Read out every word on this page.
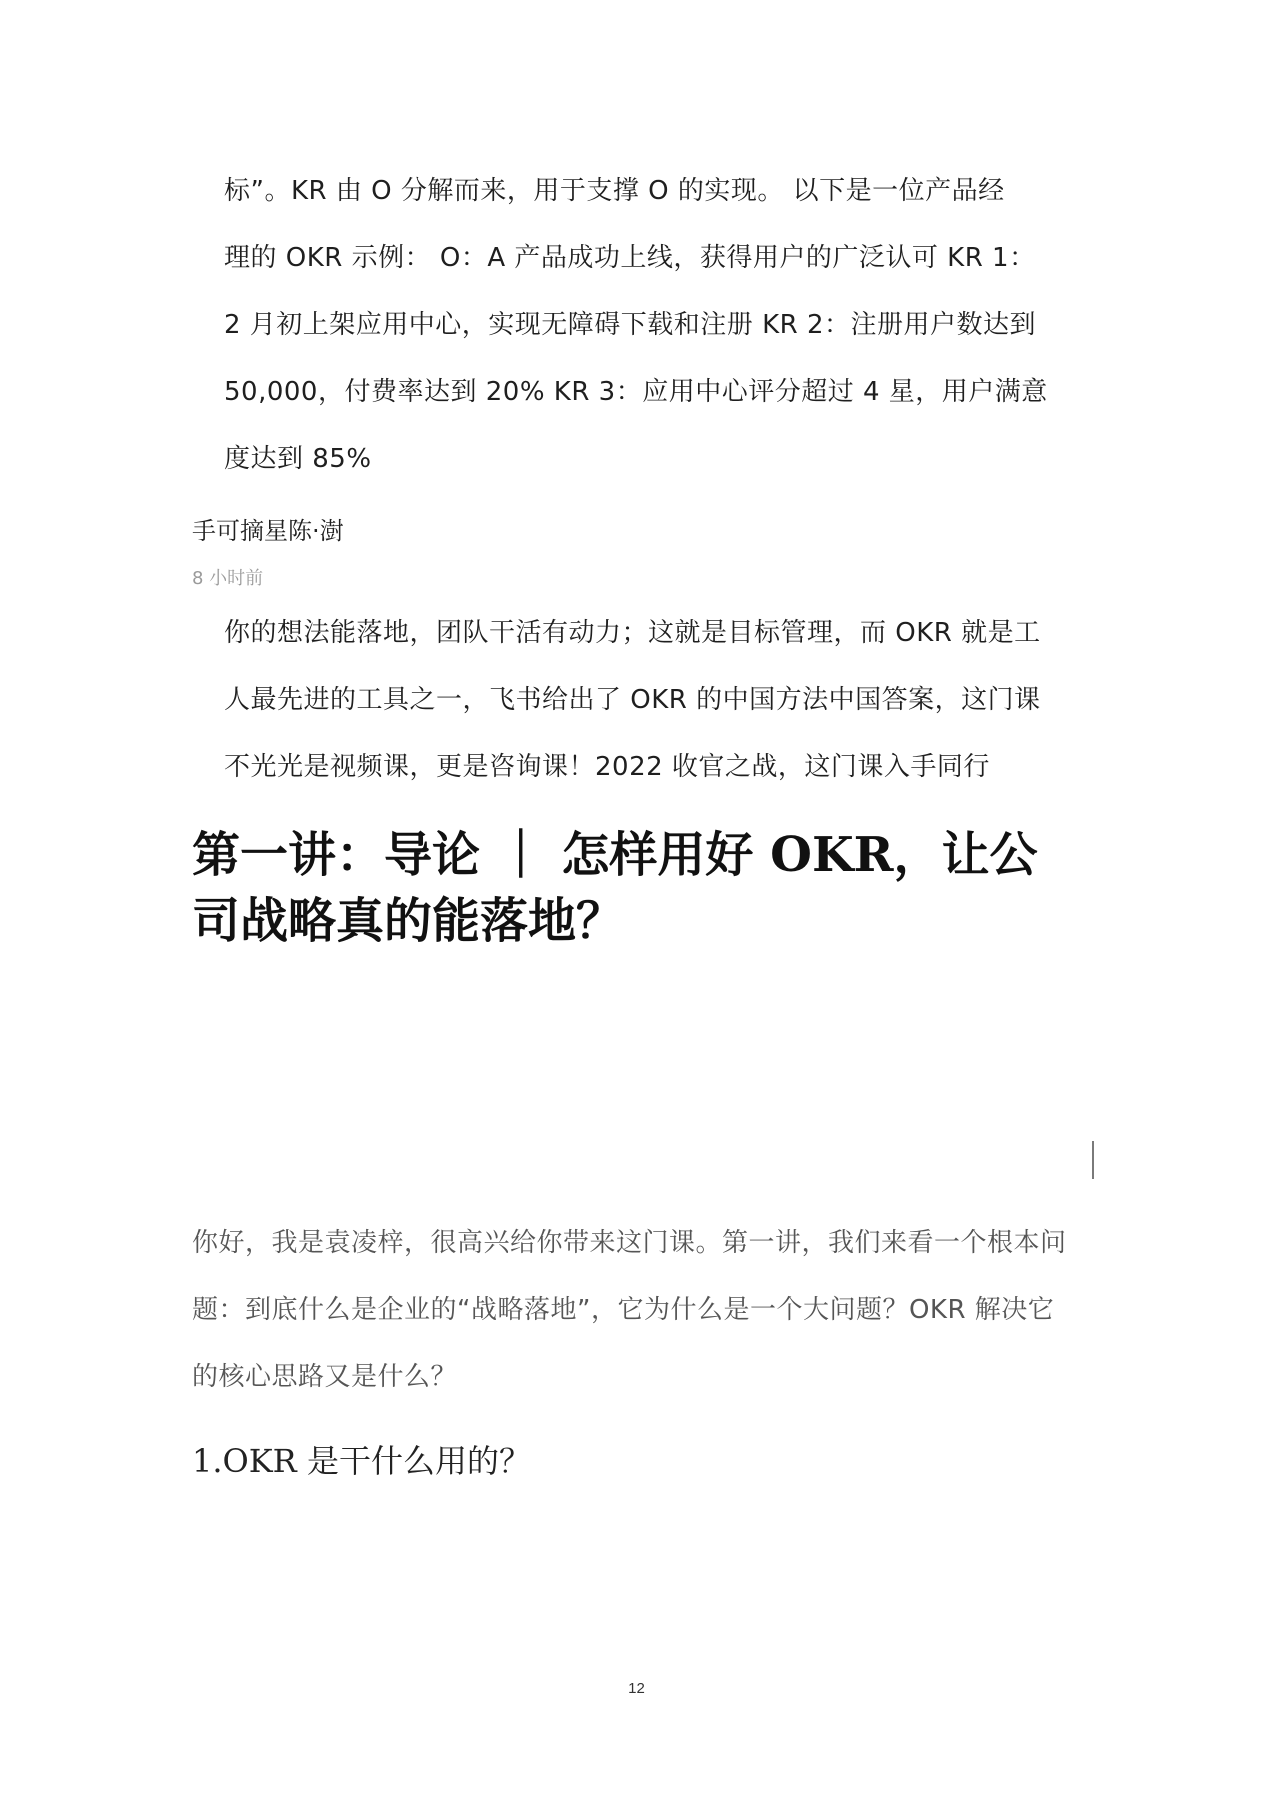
标”。KR 由 O 分解而来，用于支撑 O 的实现。 以下是一位产品经
理的 OKR 示例： O：A 产品成功上线，获得用户的广泛认可 KR 1：
2 月初上架应用中心，实现无障碍下载和注册 KR 2：注册用户数达到
50,000，付费率达到 20% KR 3：应用中心评分超过 4 星，用户满意
度达到 85%
手可摘星陈·澍
8 小时前
你的想法能落地，团队干活有动力；这就是目标管理，而 OKR 就是工
人最先进的工具之一，飞书给出了 OKR 的中国方法中国答案，这门课
不光光是视频课，更是咨询课！2022 收官之战，这门课入手同行
第一讲：导论 ｜ 怎样用好 OKR，让公
司战略真的能落地？
你好，我是袁凌梓，很高兴给你带来这门课。第一讲，我们来看一个根本问
题：到底什么是企业的“战略落地”，它为什么是一个大问题？OKR 解决它
的核心思路又是什么？
1.OKR 是干什么用的？
12
